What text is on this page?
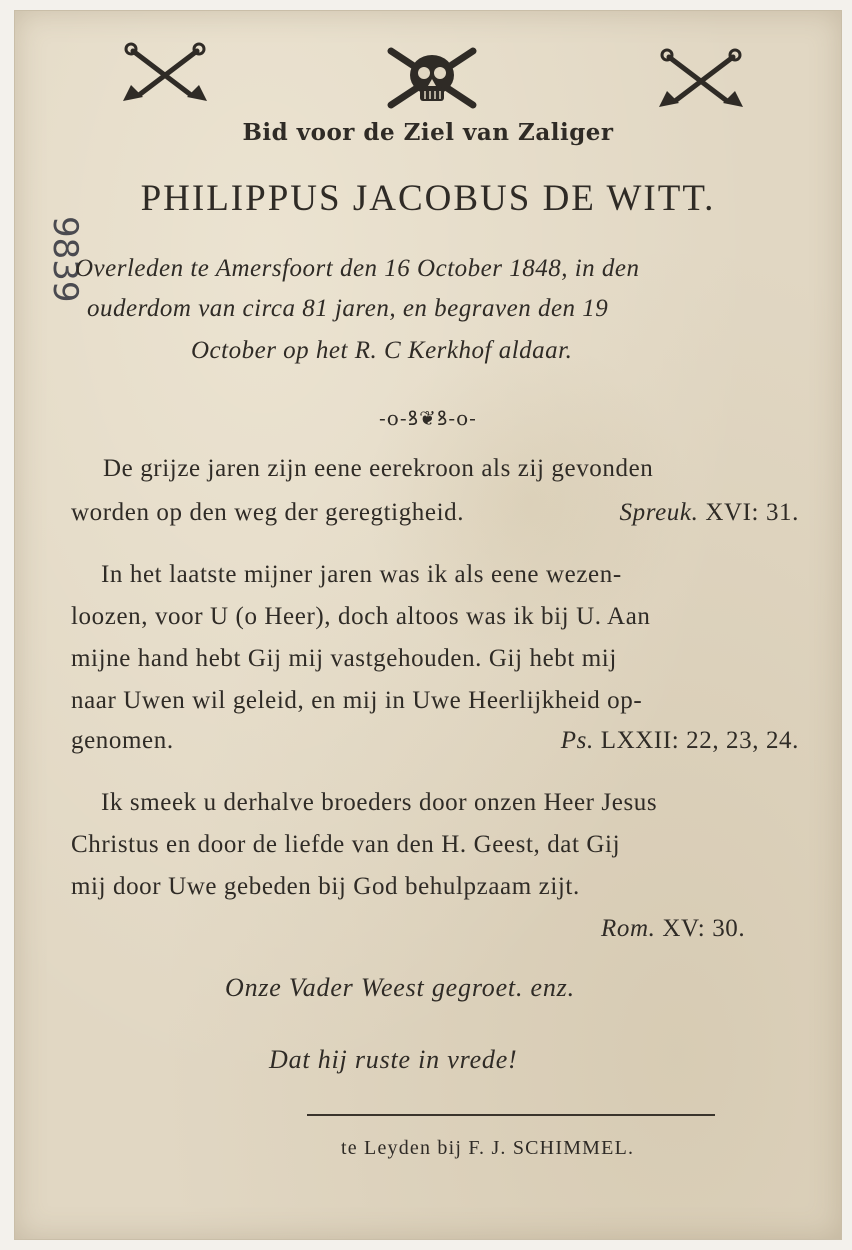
9839
Bid voor de Ziel van Zaliger
PHILIPPUS JACOBUS DE WITT.
Overleden te Amersfoort den 16 October 1848, in den
ouderdom van circa 81 jaren, en begraven den 19
October op het R. C Kerkhof aldaar.
-o-ꝸ❦ꝸ-o-
De grijze jaren zijn eene eerekroon als zij gevonden
worden op den weg der geregtigheid.	Spreuk. XVI: 31.
In het laatste mijner jaren was ik als eene wezen-
loozen, voor U (o Heer), doch altoos was ik bij U. Aan
mijne hand hebt Gij mij vastgehouden. Gij hebt mij
naar Uwen wil geleid, en mij in Uwe Heerlijkheid op-
genomen.	Ps. LXXII: 22, 23, 24.
Ik smeek u derhalve broeders door onzen Heer Jesus
Christus en door de liefde van den H. Geest, dat Gij
mij door Uwe gebeden bij God behulpzaam zijt.
Rom. XV: 30.
Onze Vader Weest gegroet. enz.
Dat hij ruste in vrede!
te Leyden bij F. J. SCHIMMEL.
